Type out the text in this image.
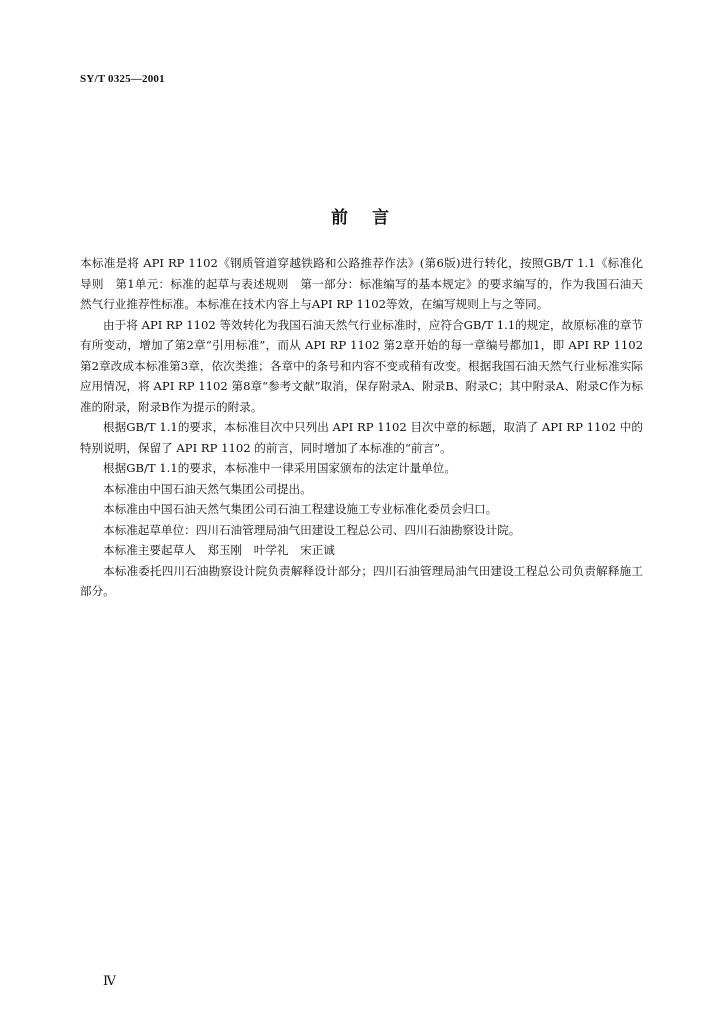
SY/T 0325—2001
前言

本标准是将 API RP 1102《钢质管道穿越铁路和公路推荐作法》(第6版)进行转化，按照GB/T 1.1《标准化导则　第1单元：标准的起草与表述规则　第一部分：标准编写的基本规定》的要求编写的，作为我国石油天然气行业推荐性标准。本标准在技术内容上与API RP 1102等效，在编写规则上与之等同。

由于将 API RP 1102 等效转化为我国石油天然气行业标准时，应符合GB/T 1.1的规定，故原标准的章节有所变动，增加了第2章“引用标准”，而从 API RP 1102 第2章开始的每一章编号都加1，即 API RP 1102 第2章改成本标准第3章，依次类推；各章中的条号和内容不变或稍有改变。根据我国石油天然气行业标准实际应用情况，将 API RP 1102 第8章“参考文献”取消，保存附录A、附录B、附录C；其中附录A、附录C作为标准的附录，附录B作为提示的附录。

根据GB/T 1.1的要求，本标准目次中只列出 API RP 1102 目次中章的标题，取消了 API RP 1102 中的特别说明，保留了 API RP 1102 的前言，同时增加了本标准的“前言”。

根据GB/T 1.1的要求，本标准中一律采用国家颁布的法定计量单位。

本标准由中国石油天然气集团公司提出。

本标准由中国石油天然气集团公司石油工程建设施工专业标准化委员会归口。

本标准起草单位：四川石油管理局油气田建设工程总公司、四川石油勘察设计院。

本标准主要起草人　郑玉刚　叶学礼　宋正诚

本标准委托四川石油勘察设计院负责解释设计部分；四川石油管理局油气田建设工程总公司负责解释施工部分。

Ⅳ
